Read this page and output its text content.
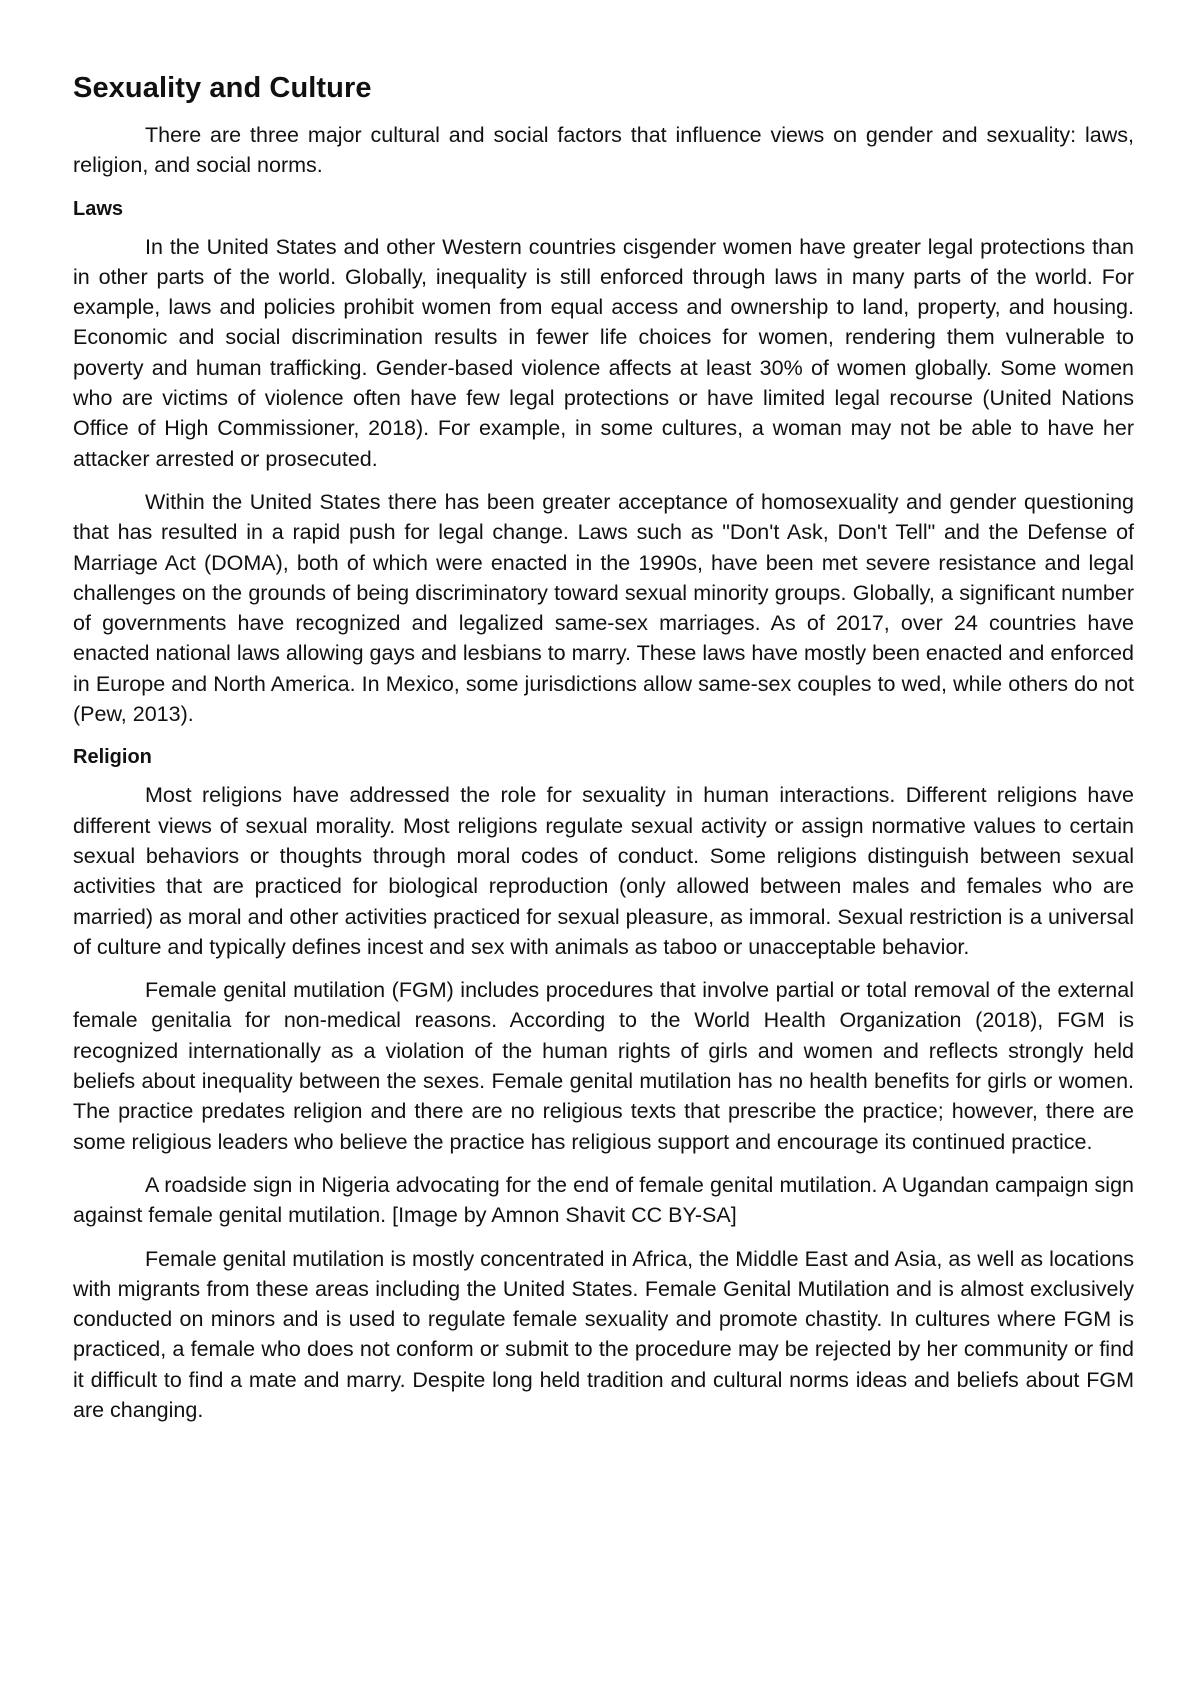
Sexuality and Culture

There are three major cultural and social factors that influence views on gender and sexuality: laws, religion, and social norms.

Laws

In the United States and other Western countries cisgender women have greater legal protections than in other parts of the world. Globally, inequality is still enforced through laws in many parts of the world. For example, laws and policies prohibit women from equal access and ownership to land, property, and housing. Economic and social discrimination results in fewer life choices for women, rendering them vulnerable to poverty and human trafficking. Gender-based violence affects at least 30% of women globally. Some women who are victims of violence often have few legal protections or have limited legal recourse (United Nations Office of High Commissioner, 2018). For example, in some cultures, a woman may not be able to have her attacker arrested or prosecuted.

Within the United States there has been greater acceptance of homosexuality and gender questioning that has resulted in a rapid push for legal change. Laws such as "Don't Ask, Don't Tell" and the Defense of Marriage Act (DOMA), both of which were enacted in the 1990s, have been met severe resistance and legal challenges on the grounds of being discriminatory toward sexual minority groups. Globally, a significant number of governments have recognized and legalized same-sex marriages. As of 2017, over 24 countries have enacted national laws allowing gays and lesbians to marry. These laws have mostly been enacted and enforced in Europe and North America. In Mexico, some jurisdictions allow same-sex couples to wed, while others do not (Pew, 2013).

Religion

Most religions have addressed the role for sexuality in human interactions. Different religions have different views of sexual morality. Most religions regulate sexual activity or assign normative values to certain sexual behaviors or thoughts through moral codes of conduct. Some religions distinguish between sexual activities that are practiced for biological reproduction (only allowed between males and females who are married) as moral and other activities practiced for sexual pleasure, as immoral. Sexual restriction is a universal of culture and typically defines incest and sex with animals as taboo or unacceptable behavior.

Female genital mutilation (FGM) includes procedures that involve partial or total removal of the external female genitalia for non-medical reasons. According to the World Health Organization (2018), FGM is recognized internationally as a violation of the human rights of girls and women and reflects strongly held beliefs about inequality between the sexes. Female genital mutilation has no health benefits for girls or women. The practice predates religion and there are no religious texts that prescribe the practice; however, there are some religious leaders who believe the practice has religious support and encourage its continued practice.

A roadside sign in Nigeria advocating for the end of female genital mutilation. A Ugandan campaign sign against female genital mutilation. [Image by Amnon Shavit CC BY-SA]

Female genital mutilation is mostly concentrated in Africa, the Middle East and Asia, as well as locations with migrants from these areas including the United States. Female Genital Mutilation and is almost exclusively conducted on minors and is used to regulate female sexuality and promote chastity. In cultures where FGM is practiced, a female who does not conform or submit to the procedure may be rejected by her community or find it difficult to find a mate and marry. Despite long held tradition and cultural norms ideas and beliefs about FGM are changing.
